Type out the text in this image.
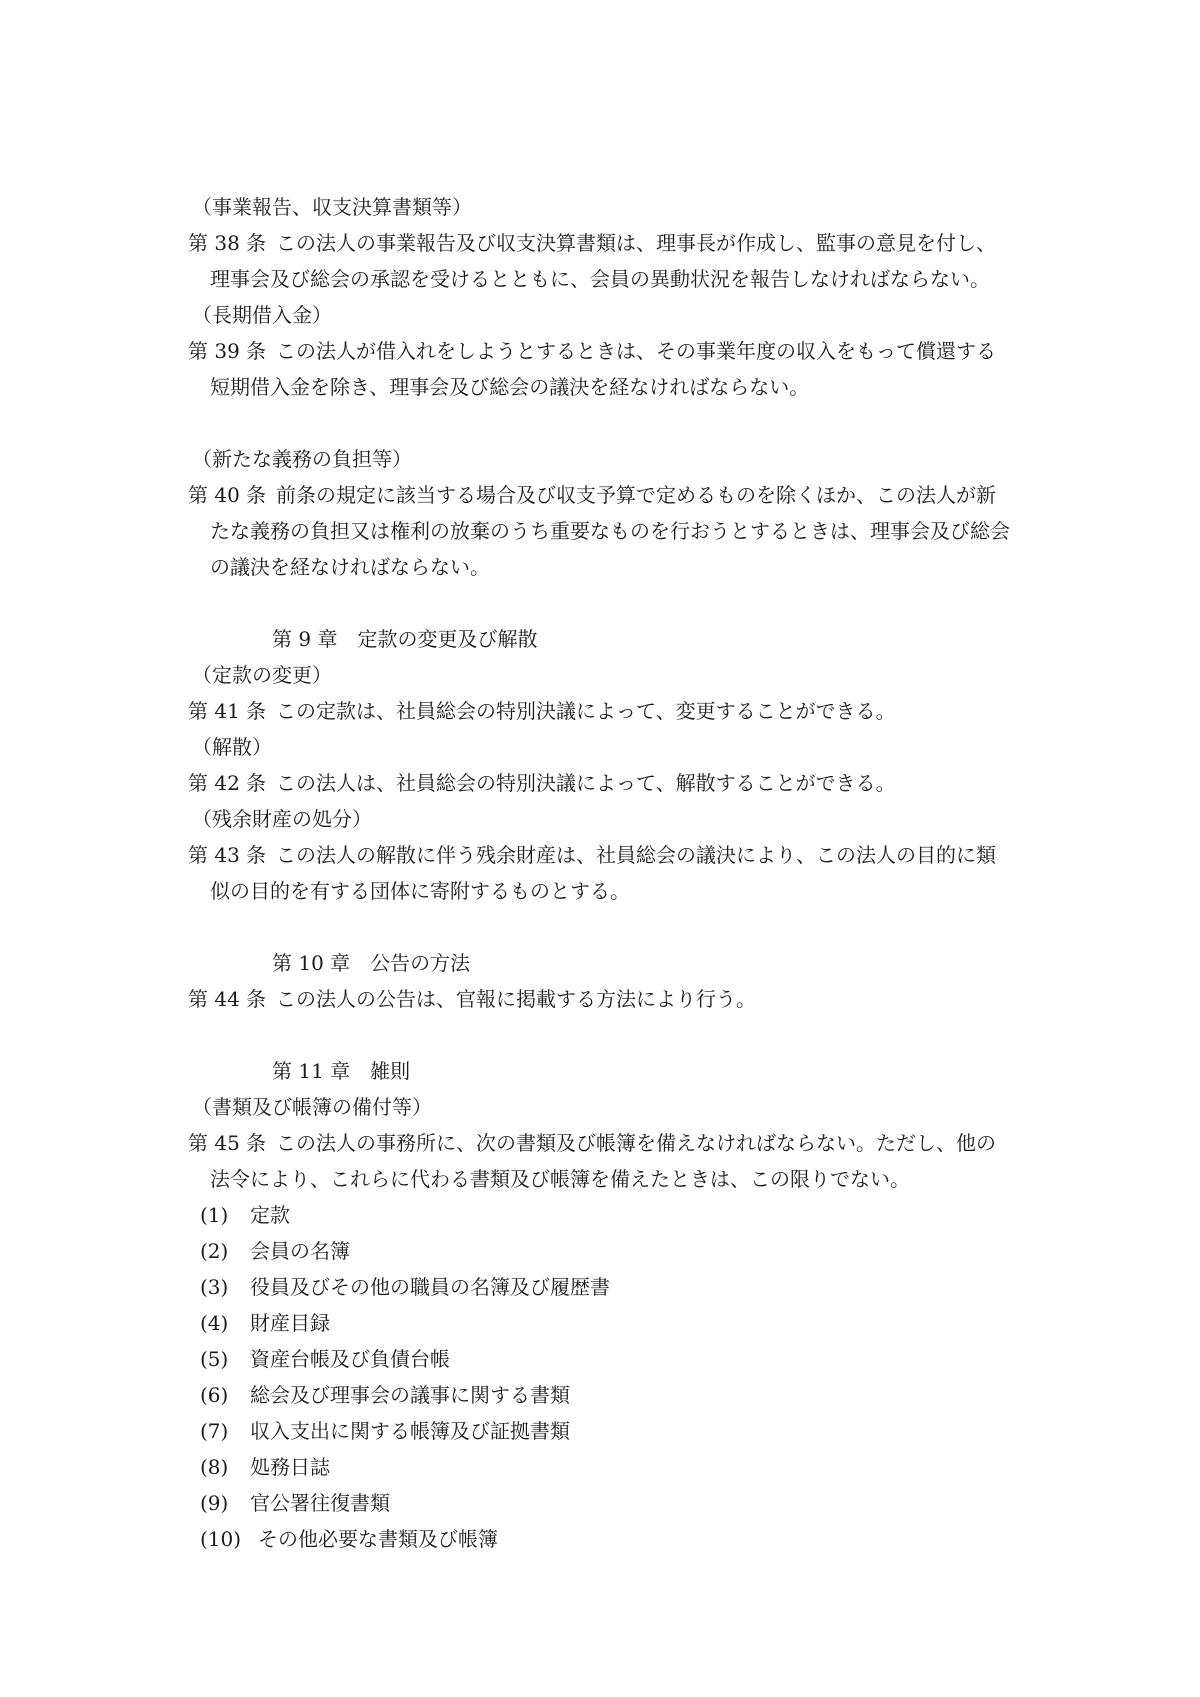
（事業報告、収支決算書類等）
第 38 条 この法人の事業報告及び収支決算書類は、理事長が作成し、監事の意見を付し、
理事会及び総会の承認を受けるとともに、会員の異動状況を報告しなければならない。
（長期借入金）
第 39 条 この法人が借入れをしようとするときは、その事業年度の収入をもって償還する
短期借入金を除き、理事会及び総会の議決を経なければならない。
（新たな義務の負担等）
第 40 条 前条の規定に該当する場合及び収支予算で定めるものを除くほか、この法人が新
たな義務の負担又は権利の放棄のうち重要なものを行おうとするときは、理事会及び総会
の議決を経なければならない。
第 9 章　定款の変更及び解散
（定款の変更）
第 41 条 この定款は、社員総会の特別決議によって、変更することができる。
（解散）
第 42 条 この法人は、社員総会の特別決議によって、解散することができる。
（残余財産の処分）
第 43 条 この法人の解散に伴う残余財産は、社員総会の議決により、この法人の目的に類
似の目的を有する団体に寄附するものとする。
第 10 章　公告の方法
第 44 条 この法人の公告は、官報に掲載する方法により行う。
第 11 章　雑則
（書類及び帳簿の備付等）
第 45 条 この法人の事務所に、次の書類及び帳簿を備えなければならない。ただし、他の
法令により、これらに代わる書類及び帳簿を備えたときは、この限りでない。
(1)	定款
(2)	会員の名簿
(3)	役員及びその他の職員の名簿及び履歴書
(4)	財産目録
(5)	資産台帳及び負債台帳
(6)	総会及び理事会の議事に関する書類
(7)	収入支出に関する帳簿及び証拠書類
(8)	処務日誌
(9)	官公署往復書類
(10) その他必要な書類及び帳簿
